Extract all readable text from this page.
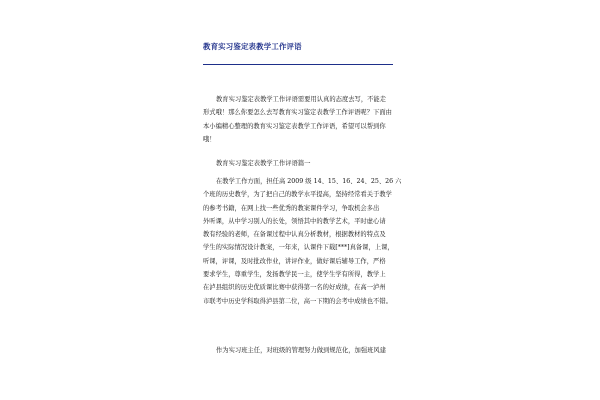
教育实习鉴定表教学工作评语
教育实习鉴定表教学工作评语需要用认真的态度去写，不能走
形式哦！那么你要怎么去写教育实习鉴定表教学工作评语呢？下面由
本小编精心整理的教育实习鉴定表教学工作评语，希望可以帮到你
哦！
教育实习鉴定表教学工作评语篇一
在教学工作方面，担任高 2009 级 14、15、16、24、25、26 六
个班的历史教学，为了把自己的教学水平提高，坚持经常看关于教学
的参考书籍，在网上找一些优秀的教案课件学习，争取机会多出
外听课，从中学习别人的长处，领悟其中的教学艺术，平时虚心请
教有经验的老师，在备课过程中认真分析教材，根据教材的特点及
学生的实际情况设计教案，一年来，认课件下载[***]真备课，上课，
听课，评课，及时批改作业，讲评作业，做好课后辅导工作，严格
要求学生，尊重学生，发扬教学民一主，使学生学有所得，教学上
在泸县组织的历史优质课比赛中获得第一名的好成绩，在高一泸州
市联考中历史学科取得泸县第二位，高一下期的会考中成绩也不错。
作为实习班主任，对班级的管理努力做到规范化，加强班风建
